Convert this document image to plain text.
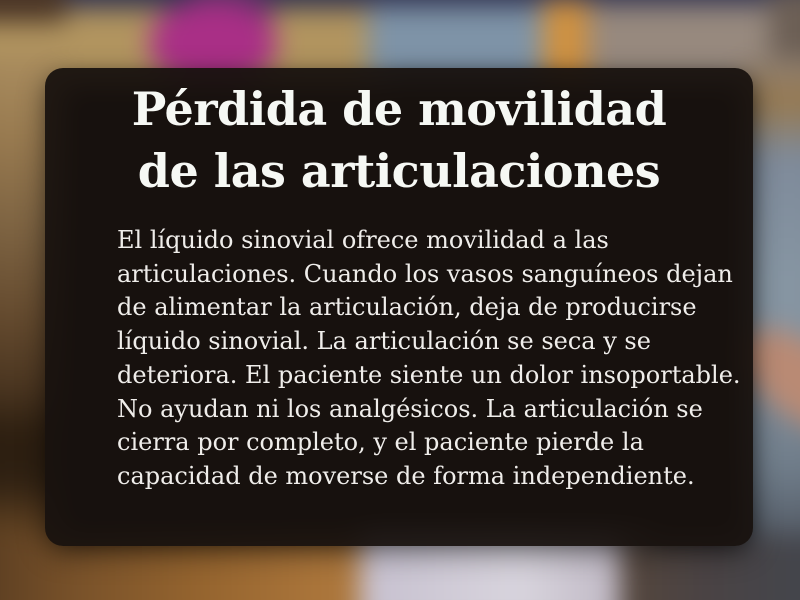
Pérdida de movilidad
de las articulaciones
El líquido sinovial ofrece movilidad a las
articulaciones. Cuando los vasos sanguíneos dejan
de alimentar la articulación, deja de producirse
líquido sinovial. La articulación se seca y se
deteriora. El paciente siente un dolor insoportable.
No ayudan ni los analgésicos. La articulación se
cierra por completo, y el paciente pierde la
capacidad de moverse de forma independiente.
